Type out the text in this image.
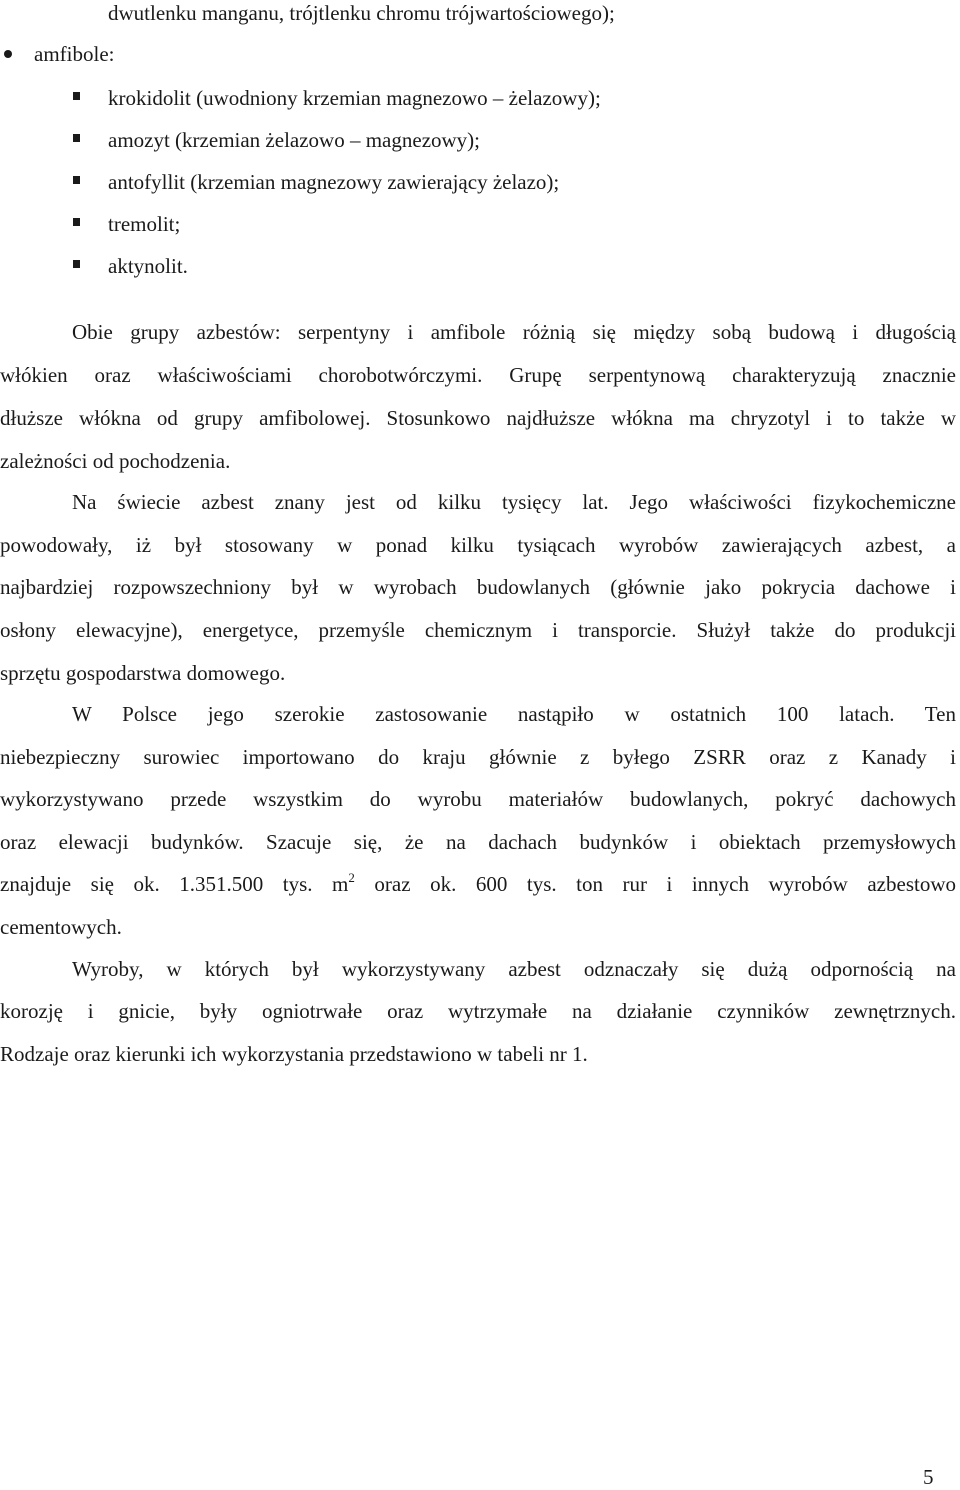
dwutlenku manganu, trójtlenku chromu trójwartościowego);
amfibole:
krokidolit (uwodniony krzemian magnezowo – żelazowy);
amozyt (krzemian żelazowo – magnezowy);
antofyllit (krzemian magnezowy zawierający żelazo);
tremolit;
aktynolit.
Obie grupy azbestów: serpentyny i amfibole różnią się między sobą budową i długością
włókien oraz właściwościami chorobotwórczymi. Grupę serpentynową charakteryzują znacznie
dłuższe włókna od grupy amfibolowej. Stosunkowo najdłuższe włókna ma chryzotyl i to także w
zależności od pochodzenia.
Na świecie azbest znany jest od kilku tysięcy lat. Jego właściwości fizykochemiczne
powodowały, iż był stosowany w ponad kilku tysiącach wyrobów zawierających azbest, a
najbardziej rozpowszechniony był w wyrobach budowlanych (głównie jako pokrycia dachowe i
osłony elewacyjne), energetyce, przemyśle chemicznym i transporcie. Służył także do produkcji
sprzętu gospodarstwa domowego.
W Polsce jego szerokie zastosowanie nastąpiło w ostatnich 100 latach. Ten
niebezpieczny surowiec importowano do kraju głównie z byłego ZSRR oraz z Kanady i
wykorzystywano przede wszystkim do wyrobu materiałów budowlanych, pokryć dachowych
oraz elewacji budynków. Szacuje się, że na dachach budynków i obiektach przemysłowych
znajduje się ok. 1.351.500 tys. $m^2$ oraz ok. 600 tys. ton rur i innych wyrobów azbestowo
cementowych.
Wyroby, w których był wykorzystywany azbest odznaczały się dużą odpornością na
korozję i gnicie, były ogniotrwałe oraz wytrzymałe na działanie czynników zewnętrznych.
Rodzaje oraz kierunki ich wykorzystania przedstawiono w tabeli nr 1.
5
